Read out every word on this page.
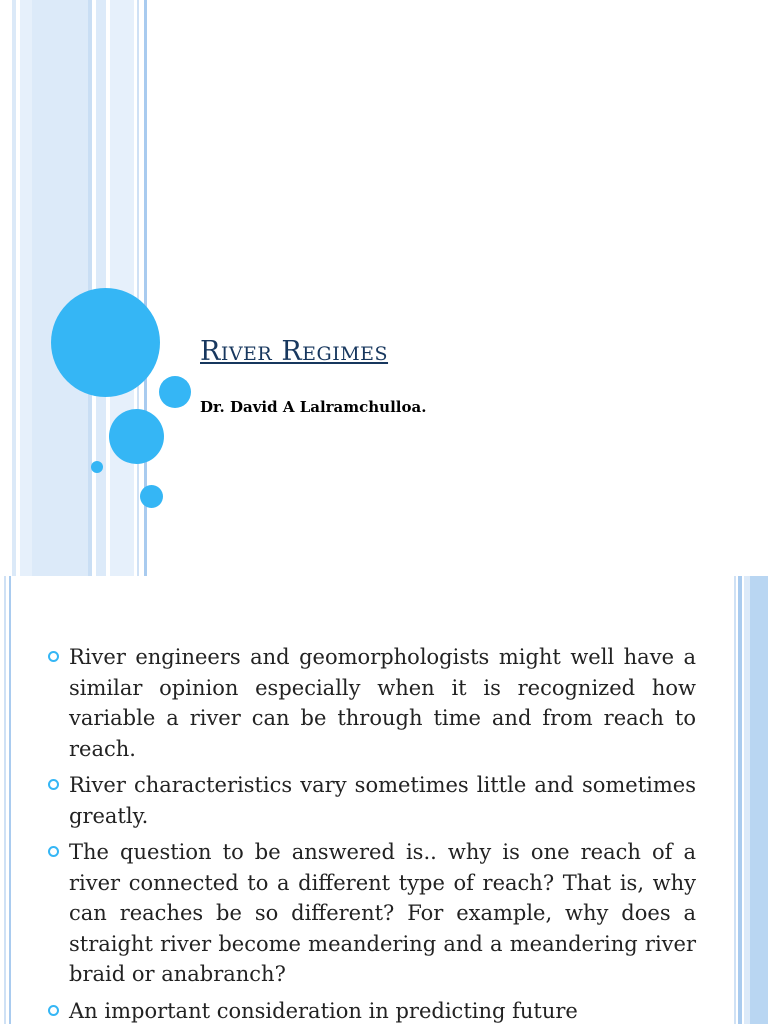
River Regimes
Dr. David A Lalramchulloa.
River engineers and geomorphologists might well have a similar opinion especially when it is recognized how variable a river can be through time and from reach to reach.
River characteristics vary sometimes little and sometimes greatly.
The question to be answered is.. why is one reach of a river connected to a different type of reach? That is, why can reaches be so different? For example, why does a straight river become meandering and a meandering river braid or anabranch?
An important consideration in predicting future
